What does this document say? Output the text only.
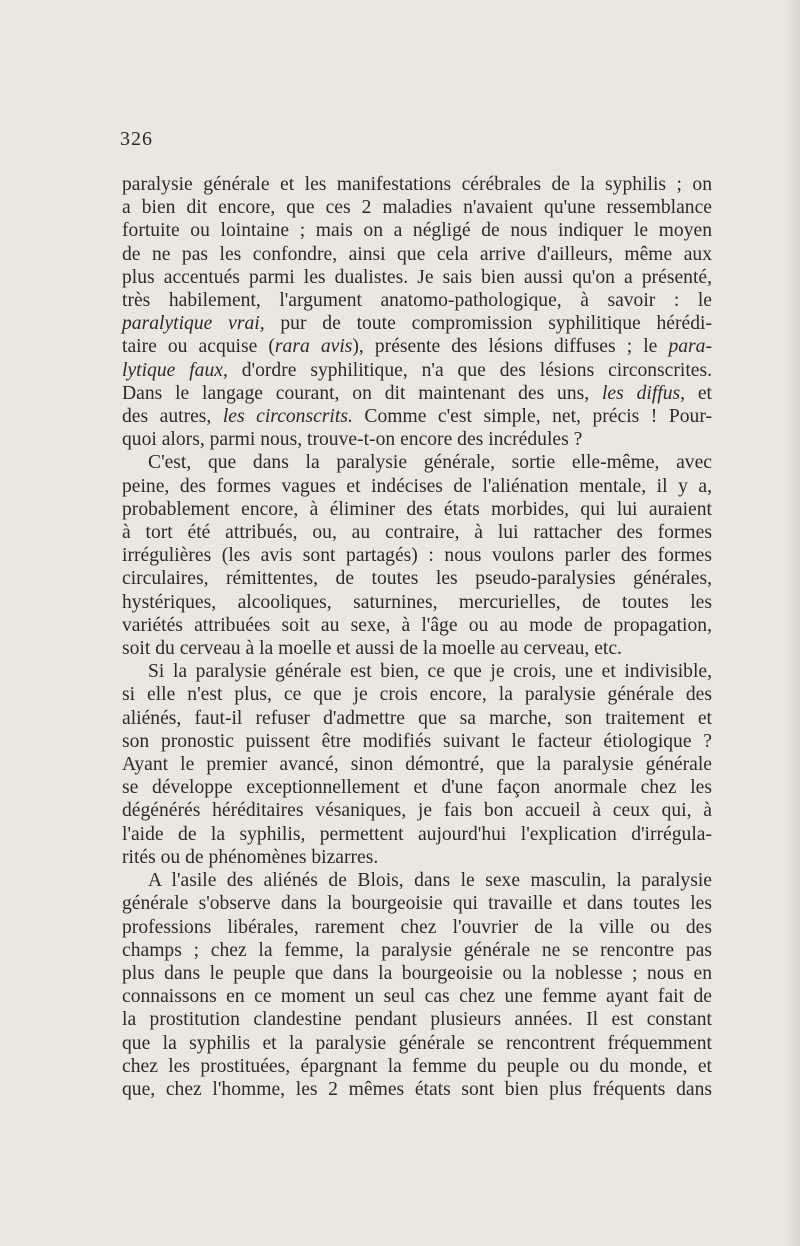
326
paralysie générale et les manifestations cérébrales de la syphilis ; on
a bien dit encore, que ces 2 maladies n'avaient qu'une ressemblance
fortuite ou lointaine ; mais on a négligé de nous indiquer le moyen
de ne pas les confondre, ainsi que cela arrive d'ailleurs, même aux
plus accentués parmi les dualistes. Je sais bien aussi qu'on a présenté,
très habilement, l'argument anatomo-pathologique, à savoir : le
paralytique vrai, pur de toute compromission syphilitique hérédi-
taire ou acquise (rara avis), présente des lésions diffuses ; le para-
lytique faux, d'ordre syphilitique, n'a que des lésions circonscrites.
Dans le langage courant, on dit maintenant des uns, les diffus, et
des autres, les circonscrits. Comme c'est simple, net, précis ! Pour-
quoi alors, parmi nous, trouve-t-on encore des incrédules ?
C'est, que dans la paralysie générale, sortie elle-même, avec
peine, des formes vagues et indécises de l'aliénation mentale, il y a,
probablement encore, à éliminer des états morbides, qui lui auraient
à tort été attribués, ou, au contraire, à lui rattacher des formes
irrégulières (les avis sont partagés) : nous voulons parler des formes
circulaires, rémittentes, de toutes les pseudo-paralysies générales,
hystériques, alcooliques, saturnines, mercurielles, de toutes les
variétés attribuées soit au sexe, à l'âge ou au mode de propagation,
soit du cerveau à la moelle et aussi de la moelle au cerveau, etc.
Si la paralysie générale est bien, ce que je crois, une et indivisible,
si elle n'est plus, ce que je crois encore, la paralysie générale des
aliénés, faut-il refuser d'admettre que sa marche, son traitement et
son pronostic puissent être modifiés suivant le facteur étiologique ?
Ayant le premier avancé, sinon démontré, que la paralysie générale
se développe exceptionnellement et d'une façon anormale chez les
dégénérés héréditaires vésaniques, je fais bon accueil à ceux qui, à
l'aide de la syphilis, permettent aujourd'hui l'explication d'irrégula-
rités ou de phénomènes bizarres.
A l'asile des aliénés de Blois, dans le sexe masculin, la paralysie
générale s'observe dans la bourgeoisie qui travaille et dans toutes les
professions libérales, rarement chez l'ouvrier de la ville ou des
champs ; chez la femme, la paralysie générale ne se rencontre pas
plus dans le peuple que dans la bourgeoisie ou la noblesse ; nous en
connaissons en ce moment un seul cas chez une femme ayant fait de
la prostitution clandestine pendant plusieurs années. Il est constant
que la syphilis et la paralysie générale se rencontrent fréquemment
chez les prostituées, épargnant la femme du peuple ou du monde, et
que, chez l'homme, les 2 mêmes états sont bien plus fréquents dans
